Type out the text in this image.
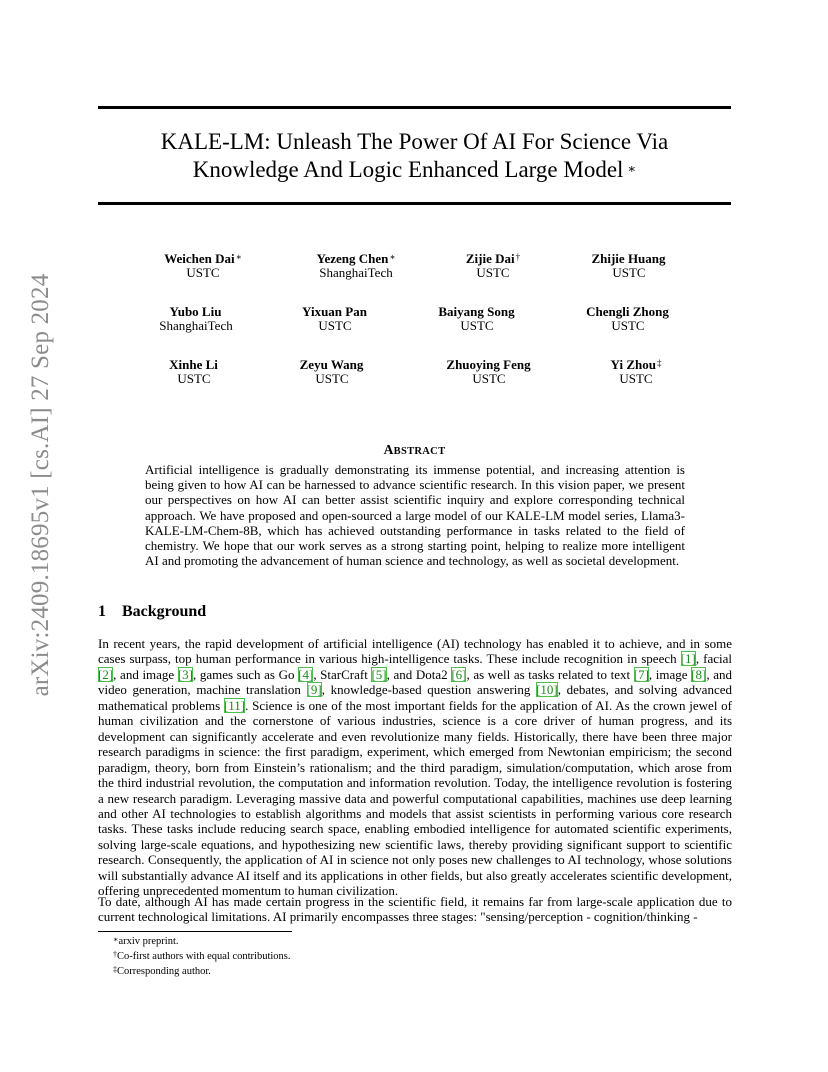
arXiv:2409.18695v1 [cs.AI] 27 Sep 2024
KALE-LM: Unleash The Power Of AI For Science Via
Knowledge And Logic Enhanced Large Model ∗
Weichen Dai∗
USTC
Yezeng Chen∗
ShanghaiTech
Zijie Dai†
USTC
Zhijie Huang
USTC
Yubo Liu
ShanghaiTech
Yixuan Pan
USTC
Baiyang Song
USTC
Chengli Zhong
USTC
Xinhe Li
USTC
Zeyu Wang
USTC
Zhuoying Feng
USTC
Yi Zhou‡
USTC
ABSTRACT
Artificial intelligence is gradually demonstrating its immense potential, and increasing attention is being given to how AI can be harnessed to advance scientific research. In this vision paper, we present our perspectives on how AI can better assist scientific inquiry and explore corresponding technical approach. We have proposed and open-sourced a large model of our KALE-LM model series, Llama3-KALE-LM-Chem-8B, which has achieved outstanding performance in tasks related to the field of chemistry. We hope that our work serves as a strong starting point, helping to realize more intelligent AI and promoting the advancement of human science and technology, as well as societal development.
1 Background
In recent years, the rapid development of artificial intelligence (AI) technology has enabled it to achieve, and in some cases surpass, top human performance in various high-intelligence tasks. These include recognition in speech [1], facial [2], and image [3], games such as Go [4], StarCraft [5], and Dota2 [6], as well as tasks related to text [7], image [8], and video generation, machine translation [9], knowledge-based question answering [10], debates, and solving advanced mathematical problems [11]. Science is one of the most important fields for the application of AI. As the crown jewel of human civilization and the cornerstone of various industries, science is a core driver of human progress, and its development can significantly accelerate and even revolutionize many fields. Historically, there have been three major research paradigms in science: the first paradigm, experiment, which emerged from Newtonian empiricism; the second paradigm, theory, born from Einstein’s rationalism; and the third paradigm, simulation/computation, which arose from the third industrial revolution, the computation and information revolution. Today, the intelligence revolution is fostering a new research paradigm. Leveraging massive data and powerful computational capabilities, machines use deep learning and other AI technologies to establish algorithms and models that assist scientists in performing various core research tasks. These tasks include reducing search space, enabling embodied intelligence for automated scientific experiments, solving large-scale equations, and hypothesizing new scientific laws, thereby providing significant support to scientific research. Consequently, the application of AI in science not only poses new challenges to AI technology, whose solutions will substantially advance AI itself and its applications in other fields, but also greatly accelerates scientific development, offering unprecedented momentum to human civilization.
To date, although AI has made certain progress in the scientific field, it remains far from large-scale application due to current technological limitations. AI primarily encompasses three stages: "sensing/perception - cognition/thinking -
∗arxiv preprint.
†Co-first authors with equal contributions.
‡Corresponding author.
